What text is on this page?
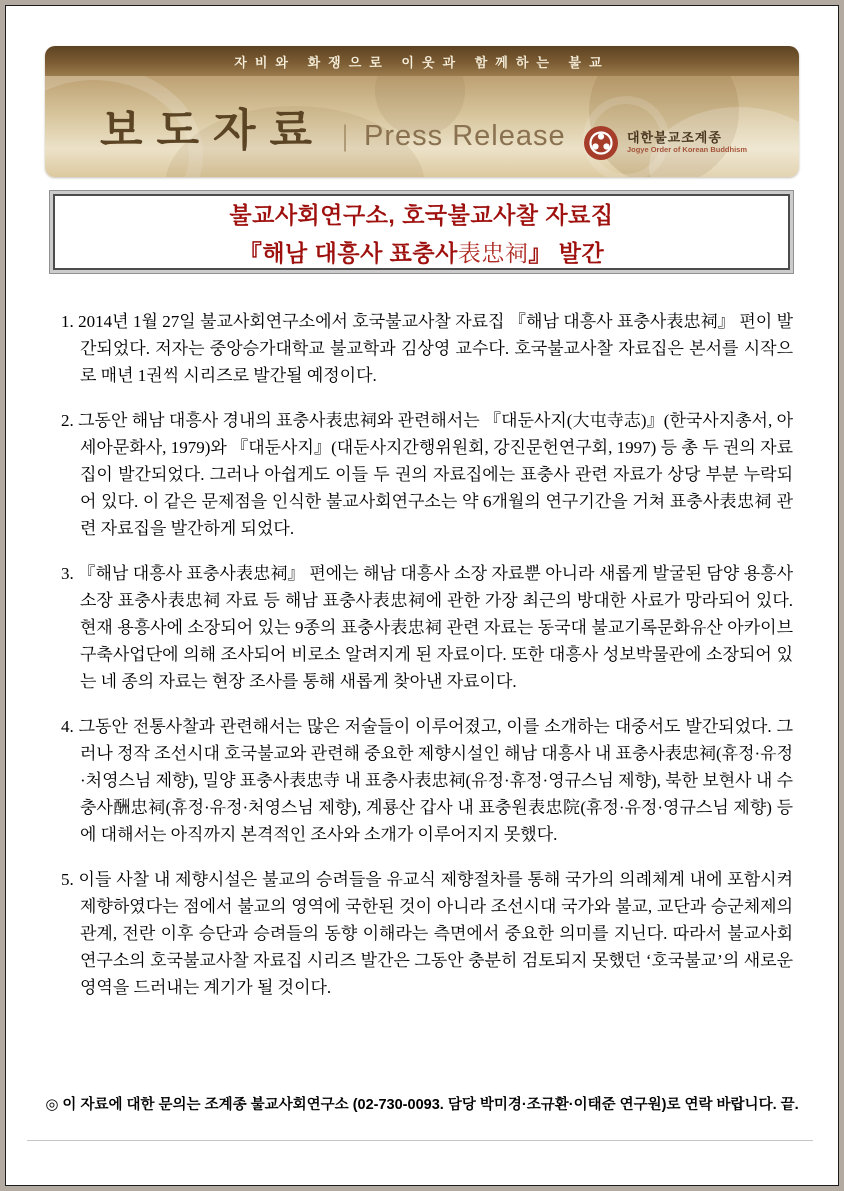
자비와 화쟁으로 이웃과 함께하는 불교
보도자료 | Press Release	대한불교조계종
Jogye Order of Korean Buddhism
불교사회연구소, 호국불교사찰 자료집
『해남 대흥사 표충사表忠祠』 발간

1. 2014년 1월 27일 불교사회연구소에서 호국불교사찰 자료집 『해남 대흥사 표충사表忠祠』 편이 발간되었다. 저자는 중앙승가대학교 불교학과 김상영 교수다. 호국불교사찰 자료집은 본서를 시작으로 매년 1권씩 시리즈로 발간될 예정이다.

2. 그동안 해남 대흥사 경내의 표충사表忠祠와 관련해서는 『대둔사지(大屯寺志)』(한국사지총서, 아세아문화사, 1979)와 『대둔사지』(대둔사지간행위원회, 강진문헌연구회, 1997) 등 총 두 권의 자료집이 발간되었다. 그러나 아쉽게도 이들 두 권의 자료집에는 표충사 관련 자료가 상당 부분 누락되어 있다. 이 같은 문제점을 인식한 불교사회연구소는 약 6개월의 연구기간을 거쳐 표충사表忠祠 관련 자료집을 발간하게 되었다.

3. 『해남 대흥사 표충사表忠祠』 편에는 해남 대흥사 소장 자료뿐 아니라 새롭게 발굴된 담양 용흥사 소장 표충사表忠祠 자료 등 해남 표충사表忠祠에 관한 가장 최근의 방대한 사료가 망라되어 있다. 현재 용흥사에 소장되어 있는 9종의 표충사表忠祠 관련 자료는 동국대 불교기록문화유산 아카이브 구축사업단에 의해 조사되어 비로소 알려지게 된 자료이다. 또한 대흥사 성보박물관에 소장되어 있는 네 종의 자료는 현장 조사를 통해 새롭게 찾아낸 자료이다.

4. 그동안 전통사찰과 관련해서는 많은 저술들이 이루어졌고, 이를 소개하는 대중서도 발간되었다. 그러나 정작 조선시대 호국불교와 관련해 중요한 제향시설인 해남 대흥사 내 표충사表忠祠(휴정·유정·처영스님 제향), 밀양 표충사表忠寺 내 표충사表忠祠(유정·휴정·영규스님 제향), 북한 보현사 내 수충사酬忠祠(휴정·유정·처영스님 제향), 계룡산 갑사 내 표충원表忠院(휴정·유정·영규스님 제향) 등에 대해서는 아직까지 본격적인 조사와 소개가 이루어지지 못했다.

5. 이들 사찰 내 제향시설은 불교의 승려들을 유교식 제향절차를 통해 국가의 의례체계 내에 포함시켜 제향하였다는 점에서 불교의 영역에 국한된 것이 아니라 조선시대 국가와 불교, 교단과 승군체제의 관계, 전란 이후 승단과 승려들의 동향 이해라는 측면에서 중요한 의미를 지닌다. 따라서 불교사회연구소의 호국불교사찰 자료집 시리즈 발간은 그동안 충분히 검토되지 못했던 ‘호국불교’의 새로운 영역을 드러내는 계기가 될 것이다.

◎ 이 자료에 대한 문의는 조계종 불교사회연구소 (02-730-0093. 담당 박미경·조규환·이태준 연구원)로 연락 바랍니다. 끝.
